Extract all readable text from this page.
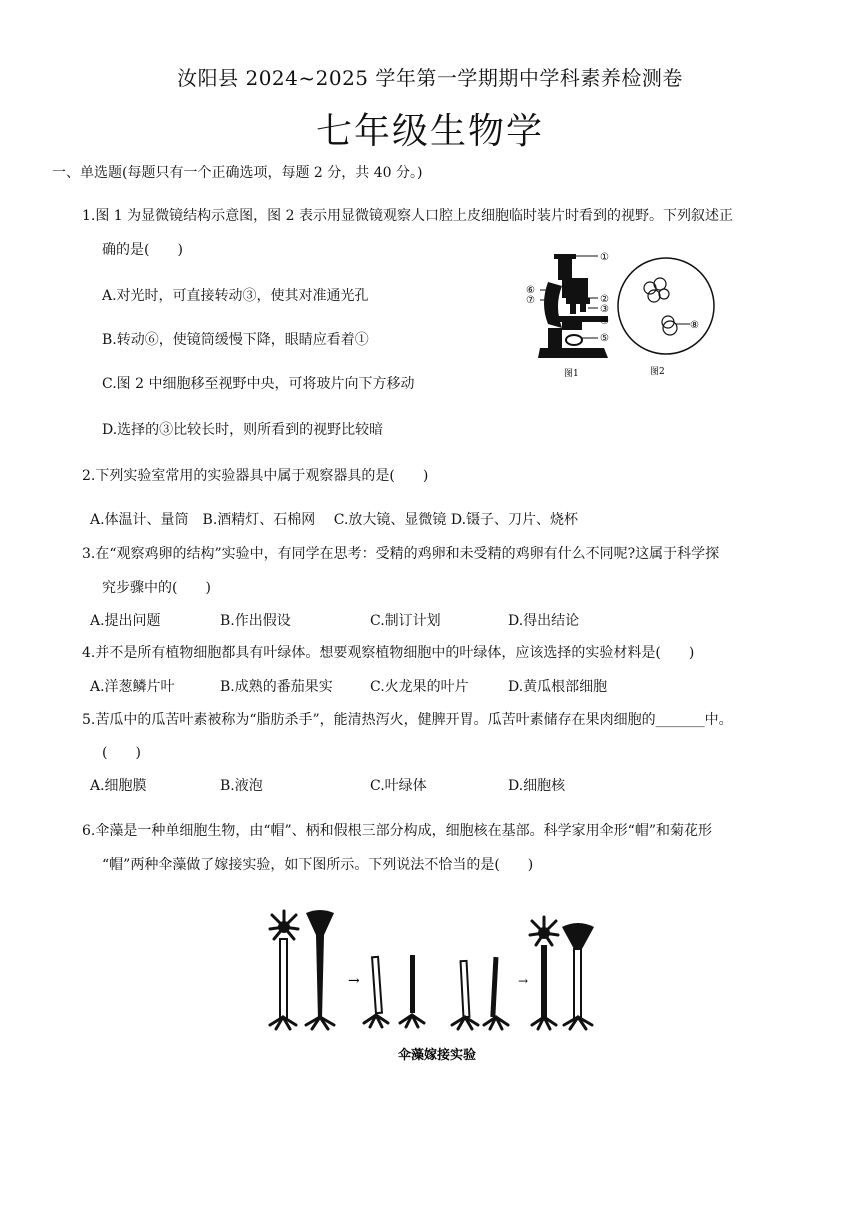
汝阳县 2024~2025 学年第一学期期中学科素养检测卷
七年级生物学
一、单选题(每题只有一个正确选项，每题 2 分，共 40 分。)
1.图 1 为显微镜结构示意图，图 2 表示用显微镜观察人口腔上皮细胞临时装片时看到的视野。下列叙述正
确的是(　　)
A.对光时，可直接转动③，使其对准通光孔
B.转动⑥，使镜筒缓慢下降，眼睛应看着①
C.图 2 中细胞移至视野中央，可将玻片向下方移动
D.选择的③比较长时，则所看到的视野比较暗
①
②
③
④
⑤
⑥
⑦
图1
⑧
图2
2.下列实验室常用的实验器具中属于观察器具的是(　　)
A.体温计、量筒　B.酒精灯、石棉网　 C.放大镜、显微镜 D.镊子、刀片、烧杯
3.在“观察鸡卵的结构”实验中，有同学在思考：受精的鸡卵和未受精的鸡卵有什么不同呢?这属于科学探
究步骤中的(　　)
A.提出问题	B.作出假设	C.制订计划	D.得出结论
4.并不是所有植物细胞都具有叶绿体。想要观察植物细胞中的叶绿体，应该选择的实验材料是(　　)
A.洋葱鳞片叶	B.成熟的番茄果实	C.火龙果的叶片	D.黄瓜根部细胞
5.苦瓜中的瓜苦叶素被称为“脂肪杀手”，能清热泻火，健脾开胃。瓜苦叶素储存在果肉细胞的_______中。
(　　)
A.细胞膜	B.液泡	C.叶绿体	D.细胞核
6.伞藻是一种单细胞生物，由“帽”、柄和假根三部分构成，细胞核在基部。科学家用伞形“帽”和菊花形
“帽”两种伞藻做了嫁接实验，如下图所示。下列说法不恰当的是(　　)
→	→
伞藻嫁接实验
